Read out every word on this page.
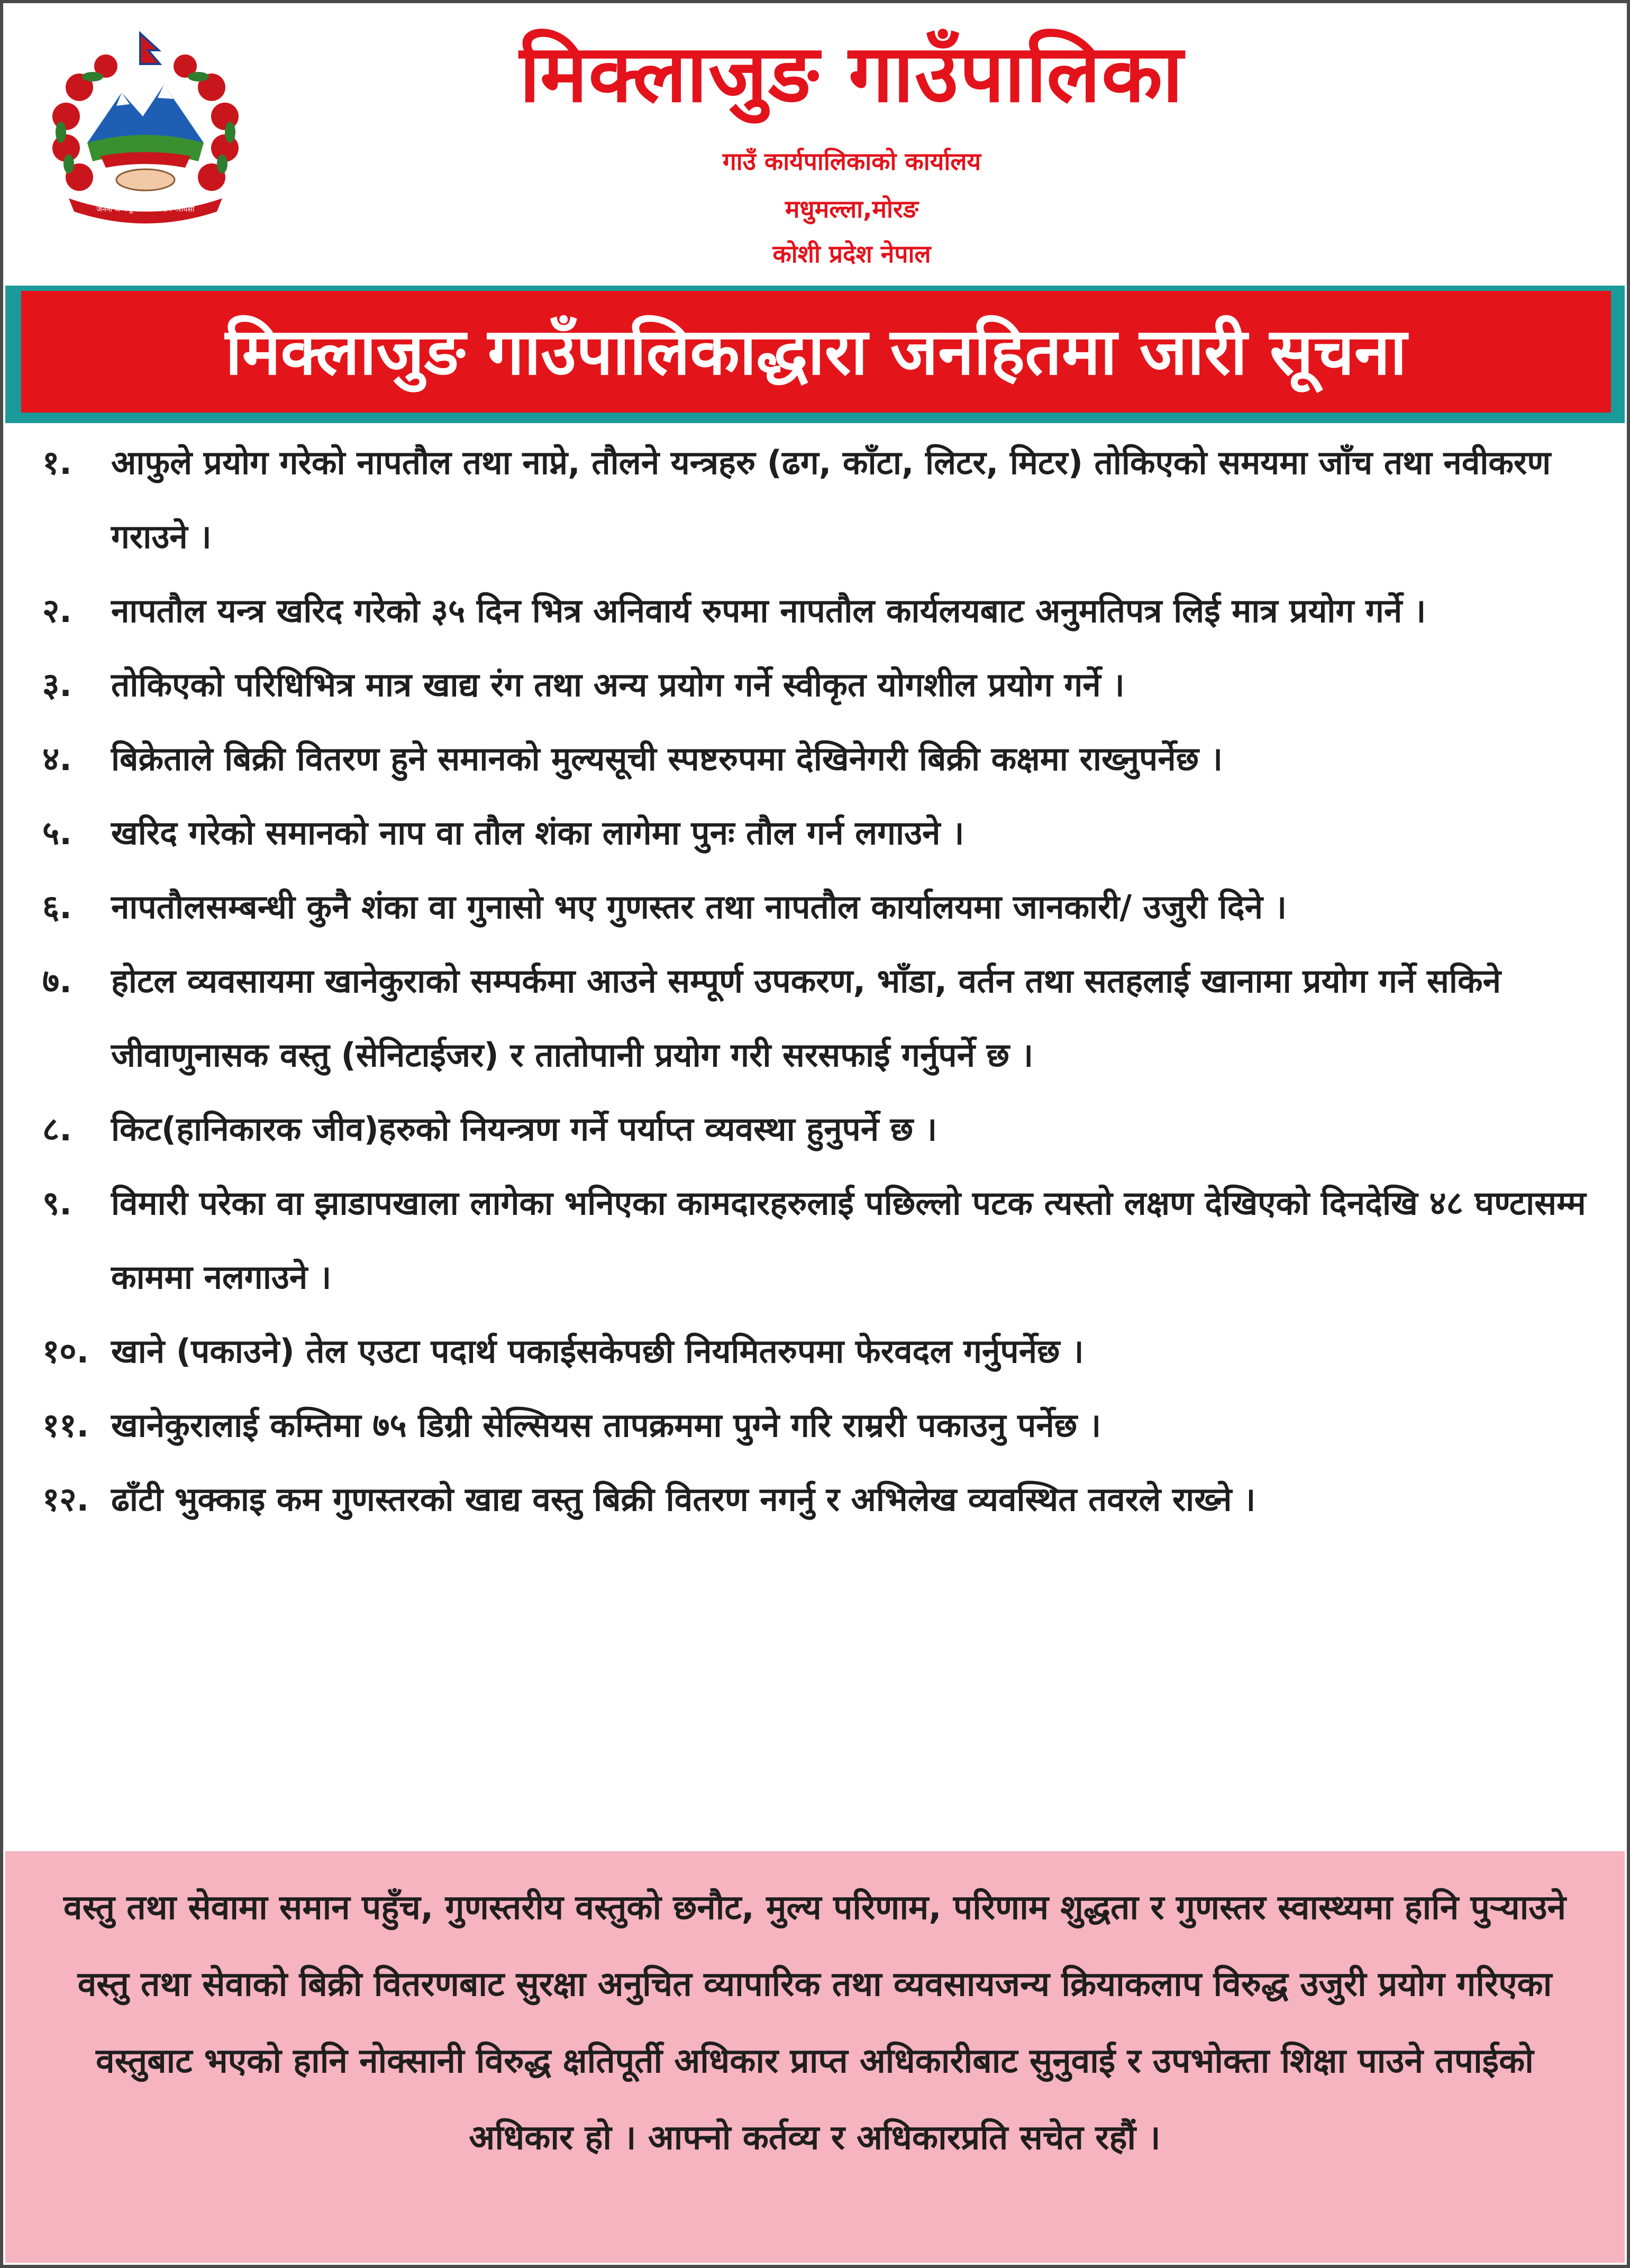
जननी जन्मभूमिश्च स्वर्गादपि गरीयसी
मिक्लाजुङ गाउँपालिका
गाउँ कार्यपालिकाको कार्यालय
मधुमल्ला,मोरङ
कोशी प्रदेश नेपाल
मिक्लाजुङ गाउँपालिकाद्धारा जनहितमा जारी सूचना
१.	आफुले प्रयोग गरेको नापतौल तथा नाप्ने, तौलने यन्त्रहरु (ढग, काँटा, लिटर, मिटर) तोकिएको समयमा जाँच तथा नवीकरण गराउने ।
२.	नापतौल यन्त्र खरिद गरेको ३५ दिन भित्र अनिवार्य रुपमा नापतौल कार्यलयबाट अनुमतिपत्र लिई मात्र प्रयोग गर्ने ।
३.	तोकिएको परिधिभित्र मात्र खाद्य रंग तथा अन्य प्रयोग गर्ने स्वीकृत योगशील प्रयोग गर्ने ।
४.	बिक्रेताले बिक्री वितरण हुने समानको मुल्यसूची स्पष्टरुपमा देखिनेगरी बिक्री कक्षमा राख्नुपर्नेछ ।
५.	खरिद गरेको समानको नाप वा तौल शंका लागेमा पुनः तौल गर्न लगाउने ।
६.	नापतौलसम्बन्धी कुनै शंका वा गुनासो भए गुणस्तर तथा नापतौल कार्यालयमा जानकारी/ उजुरी दिने ।
७.	होटल व्यवसायमा खानेकुराको सम्पर्कमा आउने सम्पूर्ण उपकरण, भाँडा, वर्तन तथा सतहलाई खानामा प्रयोग गर्ने सकिने जीवाणुनासक वस्तु (सेनिटाईजर) र तातोपानी प्रयोग गरी सरसफाई गर्नुपर्ने छ ।
८.	किट(हानिकारक जीव)हरुको नियन्त्रण गर्ने पर्याप्त व्यवस्था हुनुपर्ने छ ।
९.	विमारी परेका वा झाडापखाला लागेका भनिएका कामदारहरुलाई पछिल्लो पटक त्यस्तो लक्षण देखिएको दिनदेखि ४८ घण्टासम्म काममा नलगाउने ।
१०. खाने (पकाउने) तेल एउटा पदार्थ पकाईसकेपछी नियमितरुपमा फेरवदल गर्नुपर्नेछ ।
११. खानेकुरालाई कम्तिमा ७५ डिग्री सेल्सियस तापक्रममा पुग्ने गरि राम्ररी पकाउनु पर्नेछ ।
१२. ढाँटी भुक्काइ कम गुणस्तरको खाद्य वस्तु बिक्री वितरण नगर्नु र अभिलेख व्यवस्थित तवरले राख्ने ।
वस्तु तथा सेवामा समान पहुँच, गुणस्तरीय वस्तुको छनौट, मुल्य परिणाम, परिणाम शुद्धता र गुणस्तर स्वास्थ्यमा हानि पुऱ्याउने वस्तु तथा सेवाको बिक्री वितरणबाट सुरक्षा अनुचित व्यापारिक तथा व्यवसायजन्य क्रियाकलाप विरुद्ध उजुरी प्रयोग गरिएका वस्तुबाट भएको हानि नोक्सानी विरुद्ध क्षतिपूर्ती अधिकार प्राप्त अधिकारीबाट सुनुवाई र उपभोक्ता शिक्षा पाउने तपाईको अधिकार हो । आफ्नो कर्तव्य र अधिकारप्रति सचेत रहौं ।
